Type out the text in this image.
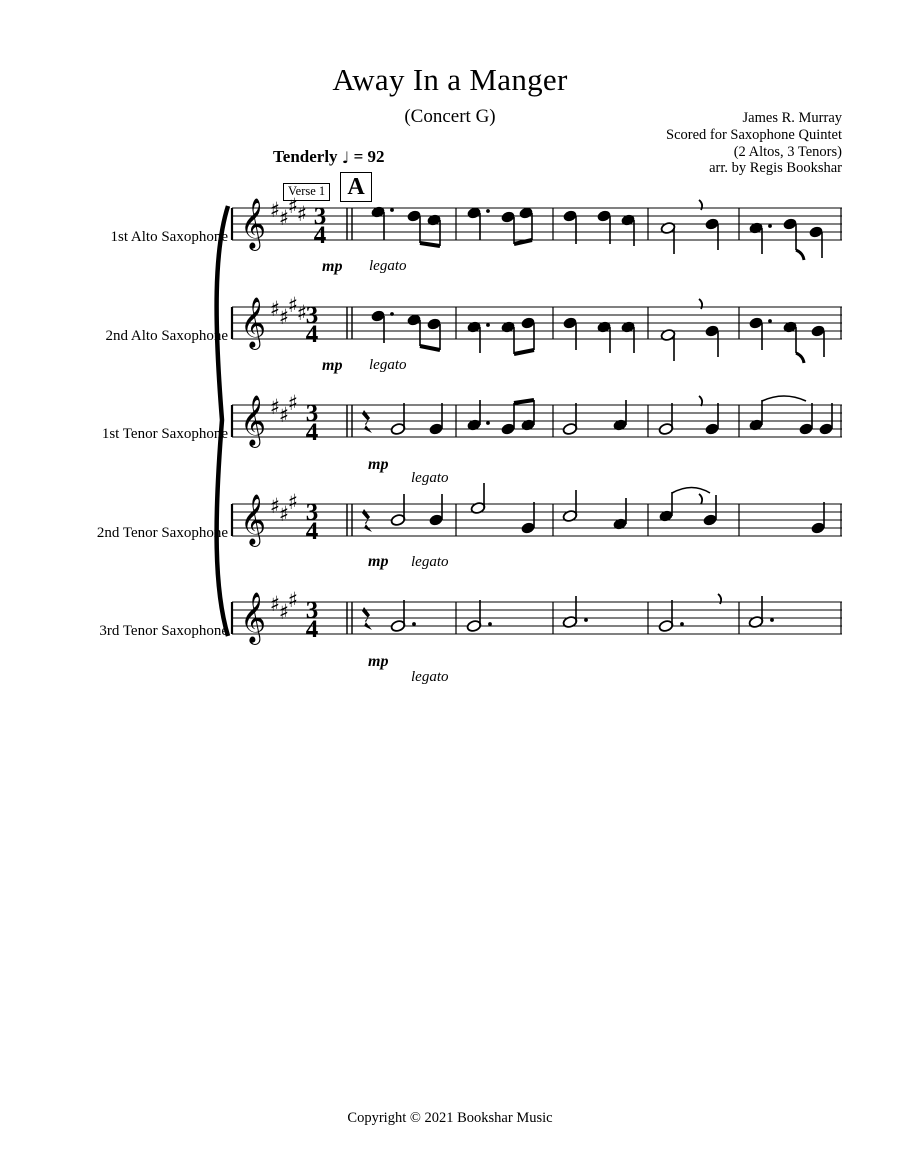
Away In a Manger
(Concert G)	James R. Murray
Scored for Saxophone Quintet
(2 Altos, 3 Tenors)
arr. by Regis Bookshar
Tenderly ♩ = 92
Verse 1 A
1st Alto Saxophone
2nd Alto Saxophone
1st Tenor Saxophone
2nd Tenor Saxophone
3rd Tenor Saxophone
mp legato
mp legato
mp
legato
mp legato
mp
legato
𝄞
𝄞
𝄞
𝄞
𝄞
♯
♯
♯
♯
♯
♯
♯
♯
♯
♯
♯
♯
♯
♯
♯
♯
♯
3
4
3
4
3
4
3
4
3
4
Copyright © 2021 Bookshar Music
